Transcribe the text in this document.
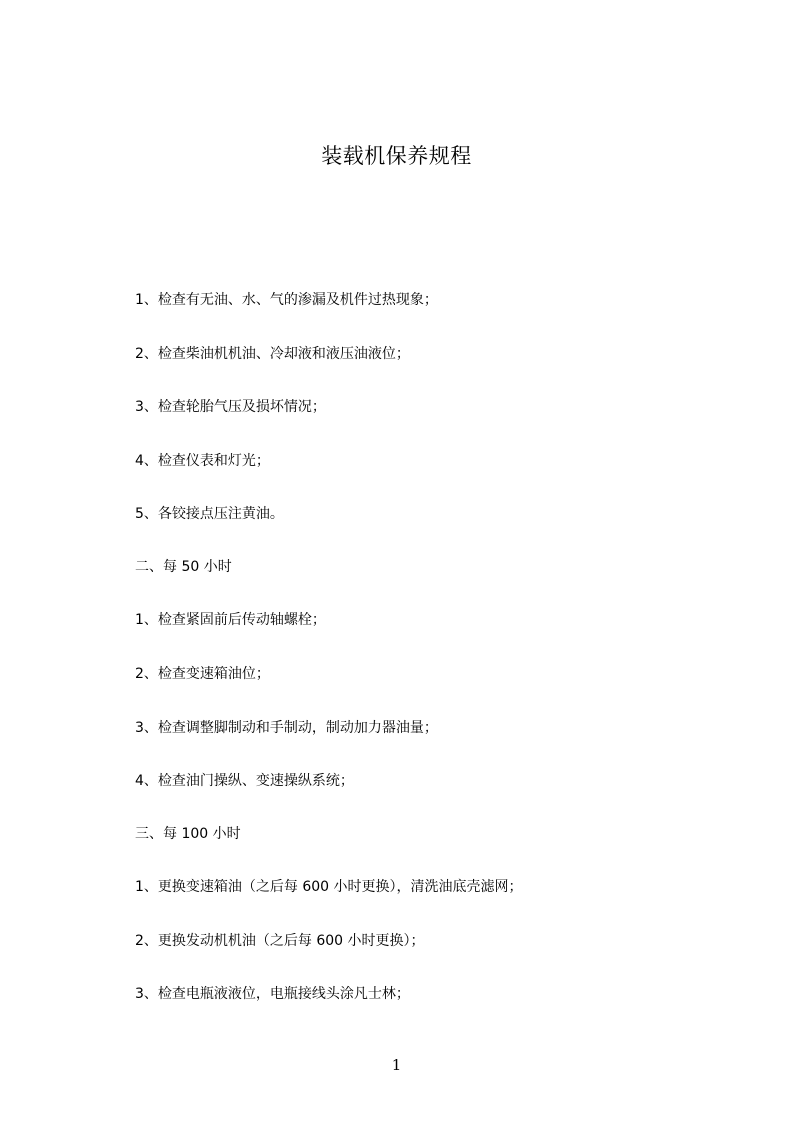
装载机保养规程
1、检查有无油、水、气的渗漏及机件过热现象；
2、检查柴油机机油、冷却液和液压油液位；
3、检查轮胎气压及损坏情况；
4、检查仪表和灯光；
5、各铰接点压注黄油。
二、每 50 小时
1、检查紧固前后传动轴螺栓；
2、检查变速箱油位；
3、检查调整脚制动和手制动，制动加力器油量；
4、检查油门操纵、变速操纵系统；
三、每 100 小时
1、更换变速箱油（之后每 600 小时更换），清洗油底壳滤网；
2、更换发动机机油（之后每 600 小时更换）；
3、检查电瓶液液位，电瓶接线头涂凡士林；
1
